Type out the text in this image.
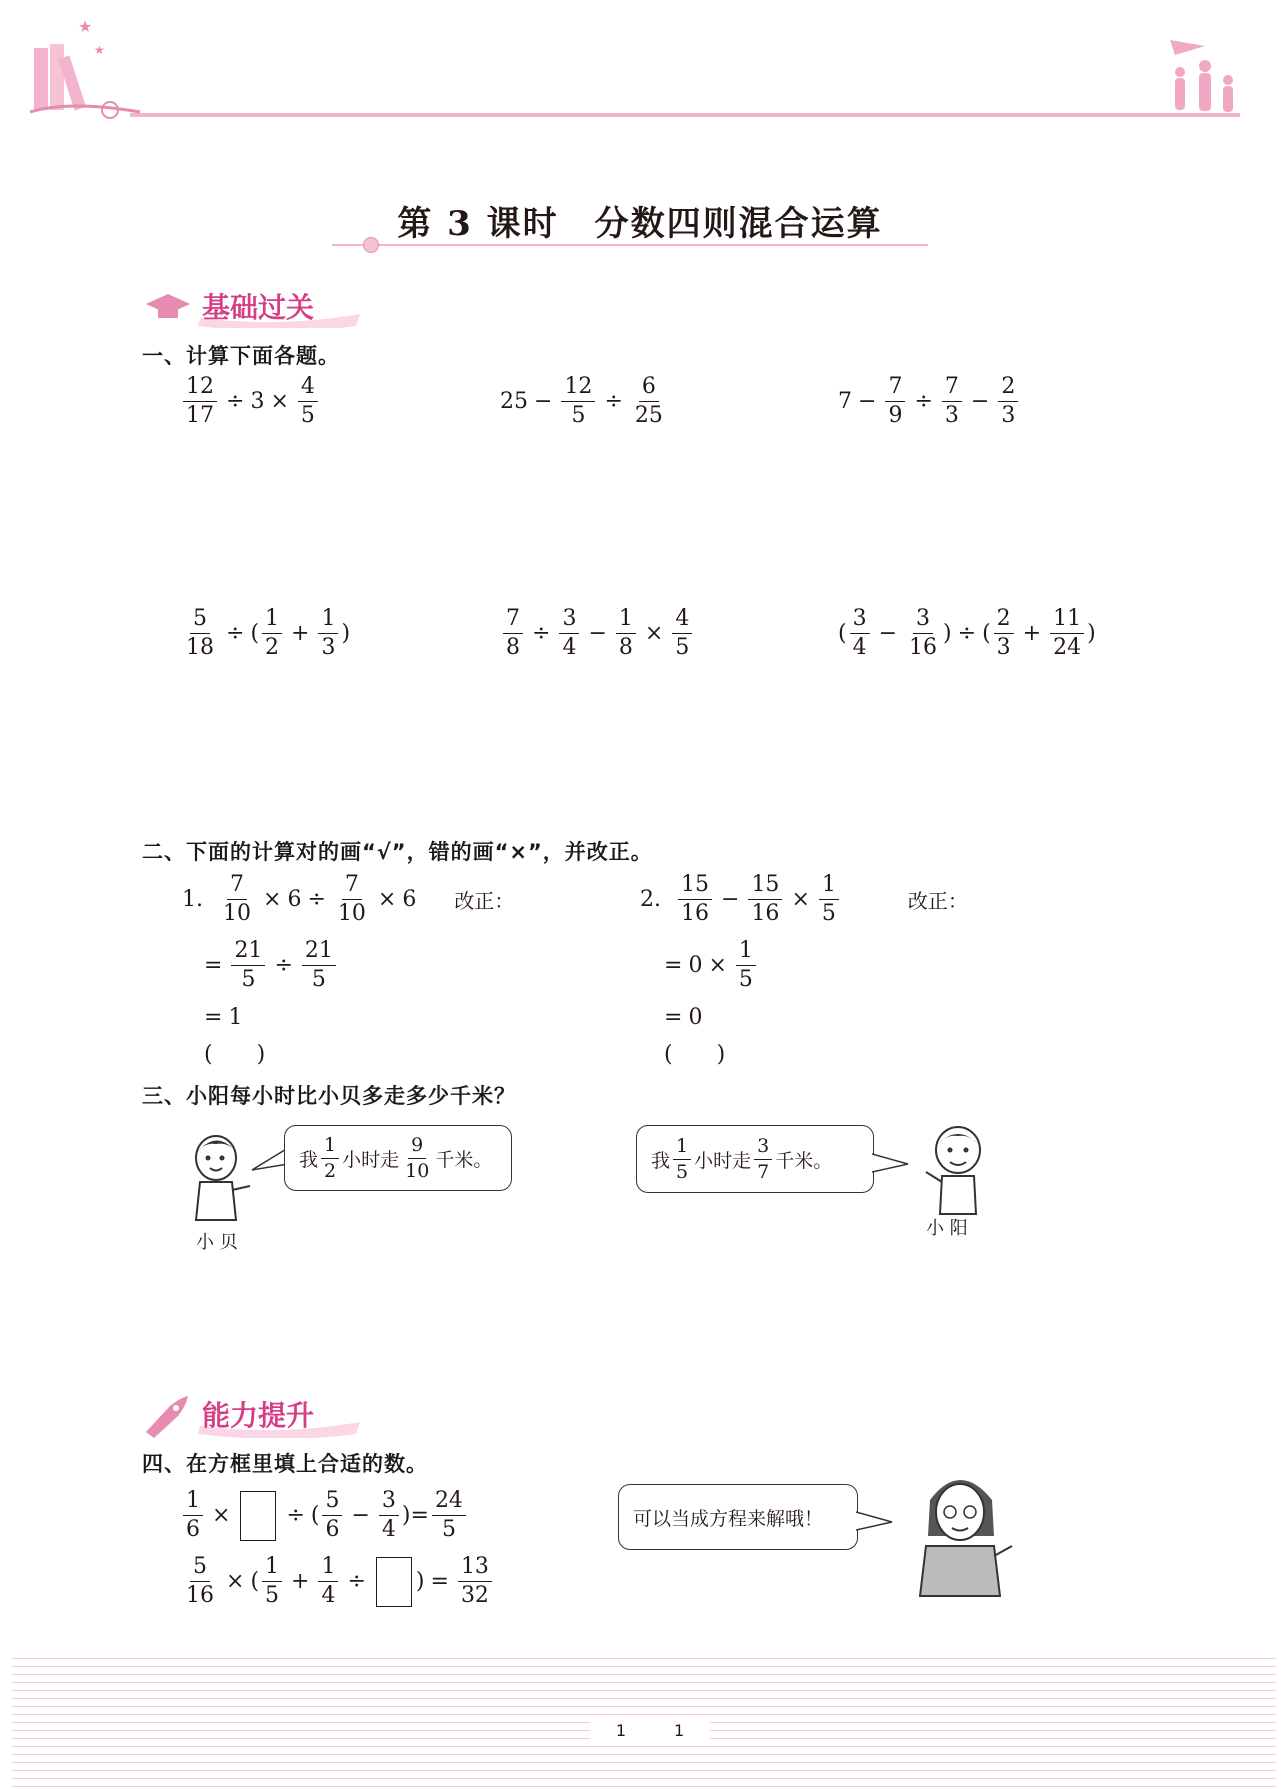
★
★
第 3 课时　分数四则混合运算
基础过关
一、计算下面各题。
$\frac{12}{17} \div 3 \times \frac{4}{5}$	$25 - \frac{12}{5} \div \frac{6}{25}$	$7 - \frac{7}{9} \div \frac{7}{3} - \frac{2}{3}$
$\frac{5}{18}$ ÷ ( $\frac{1}{2} + \frac{1}{3}$ )	$\frac{7}{8} \div \frac{3}{4} - \frac{1}{8} \times \frac{4}{5}$	( $\frac{3}{4} - \frac{3}{16}$ ) ÷ ( $\frac{2}{3} + \frac{11}{24}$ )
二、下面的计算对的画“√”，错的画“×”，并改正。
1. $\frac{7}{10} \times 6 \div \frac{7}{10} \times 6$ 改正：
= $\frac{21}{5} \div \frac{21}{5}$
= 1
(　　)
2. $\frac{15}{16} - \frac{15}{16} \times \frac{1}{5}$	改正：
= $0 \times \frac{1}{5}$
= 0
(　　)
三、小阳每小时比小贝多走多少千米？
小 贝
我 $\frac{1}{2}$ 小时走 $\frac{9}{10}$ 千米。	我 $\frac{1}{5}$ 小时走 $\frac{3}{7}$ 千米。
小 阳
能力提升
四、在方框里填上合适的数。
$\frac{1}{6}$ ×	÷ ( $\frac{5}{6} - \frac{3}{4}$ )= $\frac{24}{5}$
$\frac{5}{16}$ × ( $\frac{1}{5} + \frac{1}{4}$ ÷ ) = $\frac{13}{32}$
可以当成方程来解哦！
1　　　1
